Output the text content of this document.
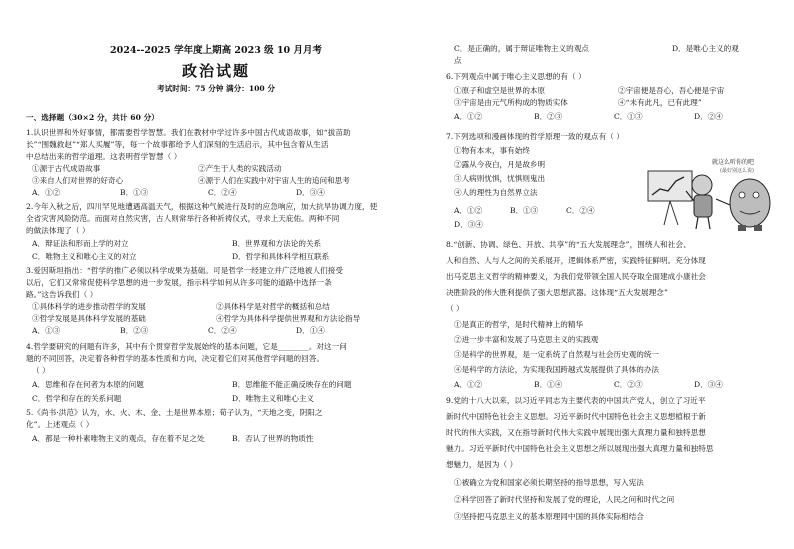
2024--2025 学年度上期高 2023 级 10 月月考
政治试题
考试时间：75 分钟 满分：100 分
一、选择题（30×2 分，共计 60 分）
1.认识世界和外好事情，都需要哲学智慧。我们在教材中学过许多中国古代成语故事，如“拔苗助
长”“围魏救赵”“郑人买履”等，每一个故事都给予人们深刻的生活启示，其中包含着从生活
中总结出来的哲学道理。这表明哲学智慧（ ）
①源于古代成语故事	②产生于人类的实践活动
③来自人们对世界的好奇心	④源于人们在实践中对宇宙人生的追问和思考
A．①②	B．①③	C．②④	D．③④
2.今年入秋之后，四川罕见地遭遇高温天气，根据这种气候进行及时的应急响应，加大抗旱协调力度，使
全省灾害风险防范。而面对自然灾害，古人则常举行各种祈祷仪式，寻求上天庇佑。两种不同
的做法体现了（ ）
A．辩证法和形而上学的对立	B．世界观和方法论的关系
C．唯物主义和唯心主义的对立	D．哲学和具体科学相互联系
3.爱因斯坦指出：“哲学的推广必须以科学成果为基础。可是哲学一经建立并广泛地被人们接受
以后，它们又常常促使科学思想的进一步发展，指示科学如何从许多可能的道路中选择一条
路。”这告诉我们（ ）
①具体科学的进步推动哲学的发展	②具体科学是对哲学的概括和总结
③哲学发展是具体科学发展的基础	④哲学为具体科学提供世界观和方法论指导
A．①③	B．②③	C．②④	D．①④
4.哲学要研究的问题有许多，其中有个贯穿哲学发展始终的基本问题，它是________。对这一问
题的不同回答，决定着各种哲学的基本性质和方向，决定着它们对其他哲学问题的回答。
（ ）
A．思维和存在何者为本原的问题	B．思维能不能正确反映存在的问题
C．哲学和存在的关系问题	D．唯物主义和唯心主义
5.《尚书·洪范》认为，水、火、木、金、土是世界本原；荀子认为，“天地之变，阴阳之
化”。上述观点（ ）
A．都是一种朴素唯物主义的观点，存在着不足之处	B．否认了世界的物质性
C．是正确的，属于辩证唯物主义的观点	D．是唯心主义的观
点
6.下列观点中属于唯心主义思想的有（ ）
①原子和虚空是世界的本原	②宇宙便是吾心，吾心便是宇宙
③宇宙是由元气所构成的物质实体	④“未有此凡，已有此理”
A．①②	B．②③	C．①③	D．②④
7.下列选项和漫画体现的哲学原理一致的观点有（ ）
①物有本末，事有始终
②露从今夜白，月是故乡明
③人病则忧惧，忧惧则鬼出
④人的理性为自然界立法
A．①②	B．①③	C．②④
D．③④
就这么听你的吧
(最好别这么说)
8.“创新、协调、绿色、开放、共享”的“五大发展理念”，围绕人和社会、
人和自然、人与人之间的关系展开，逻辑体系严密，实践特征鲜明。充分体现
出马克思主义哲学的精神要义，为我们党带领全国人民夺取全面建成小康社会
决胜阶段的伟大胜利提供了强大思想武器。这体现“五大发展理念”
（ ）
①是真正的哲学，是时代精神上的精华
②进一步丰富和发展了马克思主义的实践观
③是科学的世界观，是一定系统了自然观与社会历史观的统一
④是科学的方法论，为实现我国跨越式发展提供了具体的办法
A．①②	B．①④	C．②③	D．③④
9.党的十八大以来，以习近平同志为主要代表的中国共产党人，创立了习近平
新时代中国特色社会主义思想。习近平新时代中国特色社会主义思想植根于新
时代的伟大实践，又在指导新时代伟大实践中展现出强大真理力量和独特思想
魅力。习近平新时代中国特色社会主义思想之所以展现出强大真理力量和独特思
想魅力，是因为（ ）
①被确立为党和国家必须长期坚持的指导思想，写入宪法
②科学回答了新时代坚持和发展了党的理论，人民之问和时代之问
③坚持把马克思主义的基本原理同中国的具体实际相结合
